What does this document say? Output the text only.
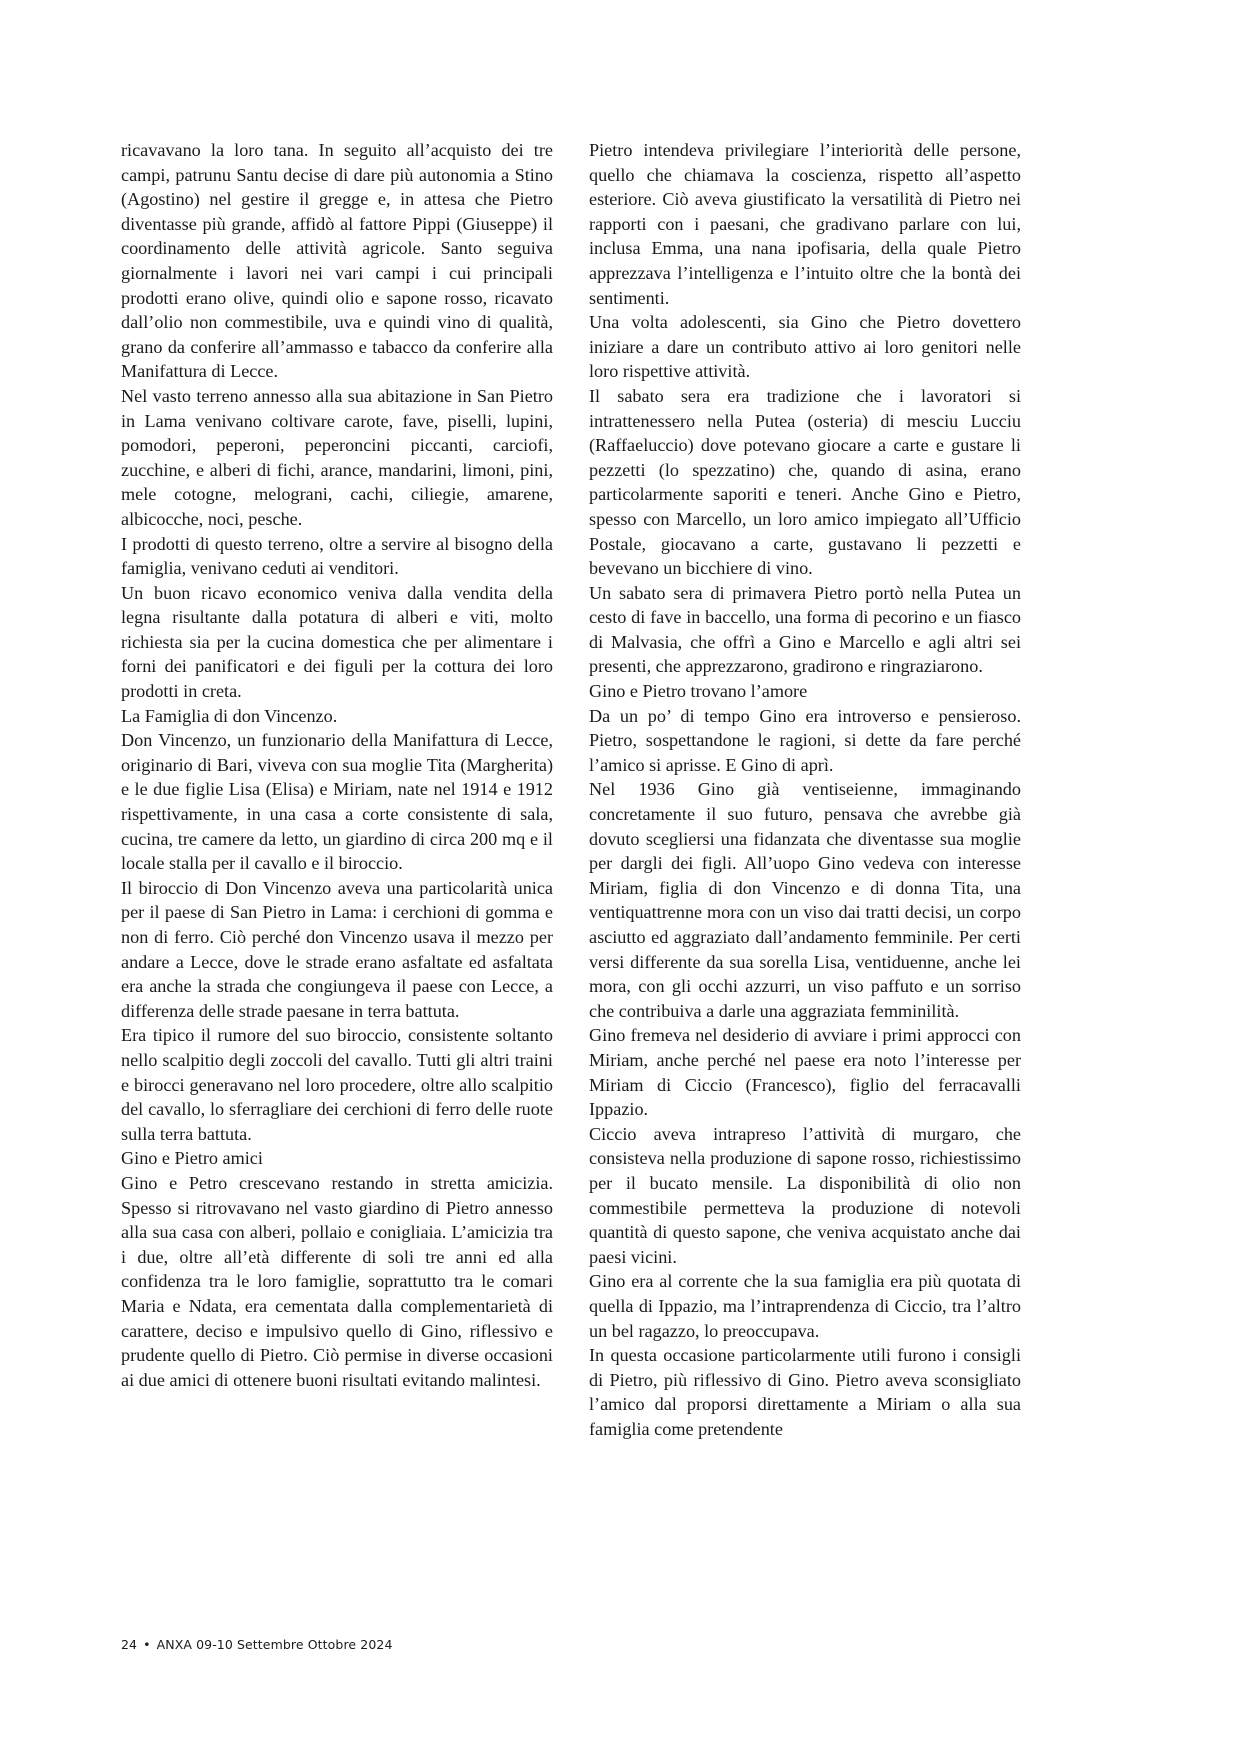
ricavavano la loro tana. In seguito all’acquisto dei tre campi, patrunu Santu decise di dare più autonomia a Stino (Agostino) nel gestire il gregge e, in attesa che Pietro diventasse più grande, affidò al fattore Pippi (Giuseppe) il coordinamento delle attività agricole. Santo seguiva giornalmente i lavori nei vari campi i cui principali prodotti erano olive, quindi olio e sapone rosso, ricavato dall’olio non commestibile, uva e quindi vino di qualità, grano da conferire all’ammasso e tabacco da conferire alla Manifattura di Lecce.

Nel vasto terreno annesso alla sua abitazione in San Pietro in Lama venivano coltivare carote, fave, piselli, lupini, pomodori, peperoni, peperoncini piccanti, carciofi, zucchine, e alberi di fichi, arance, mandarini, limoni, pini, mele cotogne, melograni, cachi, ciliegie, amarene, albicocche, noci, pesche.

I prodotti di questo terreno, oltre a servire al bisogno della famiglia, venivano ceduti ai venditori.

Un buon ricavo economico veniva dalla vendita della legna risultante dalla potatura di alberi e viti, molto richiesta sia per la cucina domestica che per alimentare i forni dei panificatori e dei figuli per la cottura dei loro prodotti in creta.

La Famiglia di don Vincenzo.

Don Vincenzo, un funzionario della Manifattura di Lecce, originario di Bari, viveva con sua moglie Tita (Margherita) e le due figlie Lisa (Elisa) e Miriam, nate nel 1914 e 1912 rispettivamente, in una casa a corte consistente di sala, cucina, tre camere da letto, un giardino di circa 200 mq e il locale stalla per il cavallo e il biroccio.

Il biroccio di Don Vincenzo aveva una particolarità unica per il paese di San Pietro in Lama: i cerchioni di gomma e non di ferro. Ciò perché don Vincenzo usava il mezzo per andare a Lecce, dove le strade erano asfaltate ed asfaltata era anche la strada che congiungeva il paese con Lecce, a differenza delle strade paesane in terra battuta.

Era tipico il rumore del suo biroccio, consistente soltanto nello scalpitio degli zoccoli del cavallo. Tutti gli altri traini e birocci generavano nel loro procedere, oltre allo scalpitio del cavallo, lo sferragliare dei cerchioni di ferro delle ruote sulla terra battuta.

Gino e Pietro amici

Gino e Petro crescevano restando in stretta amicizia. Spesso si ritrovavano nel vasto giardino di Pietro annesso alla sua casa con alberi, pollaio e conigliaia. L’amicizia tra i due, oltre all’età differente di soli tre anni ed alla confidenza tra le loro famiglie, soprattutto tra le comari Maria e Ndata, era cementata dalla complementarietà di carattere, deciso e impulsivo quello di Gino, riflessivo e prudente quello di Pietro. Ciò permise in diverse occasioni ai due amici di ottenere buoni risultati evitando malintesi.

Pietro intendeva privilegiare l’interiorità delle persone, quello che chiamava la coscienza, rispetto all’aspetto esteriore. Ciò aveva giustificato la versatilità di Pietro nei rapporti con i paesani, che gradivano parlare con lui, inclusa Emma, una nana ipofisaria, della quale Pietro apprezzava l’intelligenza e l’intuito oltre che la bontà dei sentimenti.

Una volta adolescenti, sia Gino che Pietro dovettero iniziare a dare un contributo attivo ai loro genitori nelle loro rispettive attività.

Il sabato sera era tradizione che i lavoratori si intrattenessero nella Putea (osteria) di mesciu Lucciu (Raffaeluccio) dove potevano giocare a carte e gustare li pezzetti (lo spezzatino) che, quando di asina, erano particolarmente saporiti e teneri. Anche Gino e Pietro, spesso con Marcello, un loro amico impiegato all’Ufficio Postale, giocavano a carte, gustavano li pezzetti e bevevano un bicchiere di vino.

Un sabato sera di primavera Pietro portò nella Putea un cesto di fave in baccello, una forma di pecorino e un fiasco di Malvasia, che offrì a Gino e Marcello e agli altri sei presenti, che apprezzarono, gradirono e ringraziarono.

Gino e Pietro trovano l’amore

Da un po’ di tempo Gino era introverso e pensieroso. Pietro, sospettandone le ragioni, si dette da fare perché l’amico si aprisse. E Gino di aprì.

Nel 1936 Gino già ventiseienne, immaginando concretamente il suo futuro, pensava che avrebbe già dovuto scegliersi una fidanzata che diventasse sua moglie per dargli dei figli. All’uopo Gino vedeva con interesse Miriam, figlia di don Vincenzo e di donna Tita, una ventiquattrenne mora con un viso dai tratti decisi, un corpo asciutto ed aggraziato dall’andamento femminile. Per certi versi differente da sua sorella Lisa, ventiduenne, anche lei mora, con gli occhi azzurri, un viso paffuto e un sorriso che contribuiva a darle una aggraziata femminilità.

Gino fremeva nel desiderio di avviare i primi approcci con Miriam, anche perché nel paese era noto l’interesse per Miriam di Ciccio (Francesco), figlio del ferracavalli Ippazio.

Ciccio aveva intrapreso l’attività di murgaro, che consisteva nella produzione di sapone rosso, richiestissimo per il bucato mensile. La disponibilità di olio non commestibile permetteva la produzione di notevoli quantità di questo sapone, che veniva acquistato anche dai paesi vicini.

Gino era al corrente che la sua famiglia era più quotata di quella di Ippazio, ma l’intraprendenza di Ciccio, tra l’altro un bel ragazzo, lo preoccupava.

In questa occasione particolarmente utili furono i consigli di Pietro, più riflessivo di Gino. Pietro aveva sconsigliato l’amico dal proporsi direttamente a Miriam o alla sua famiglia come pretendente

24 • ANXA 09-10 Settembre Ottobre 2024
